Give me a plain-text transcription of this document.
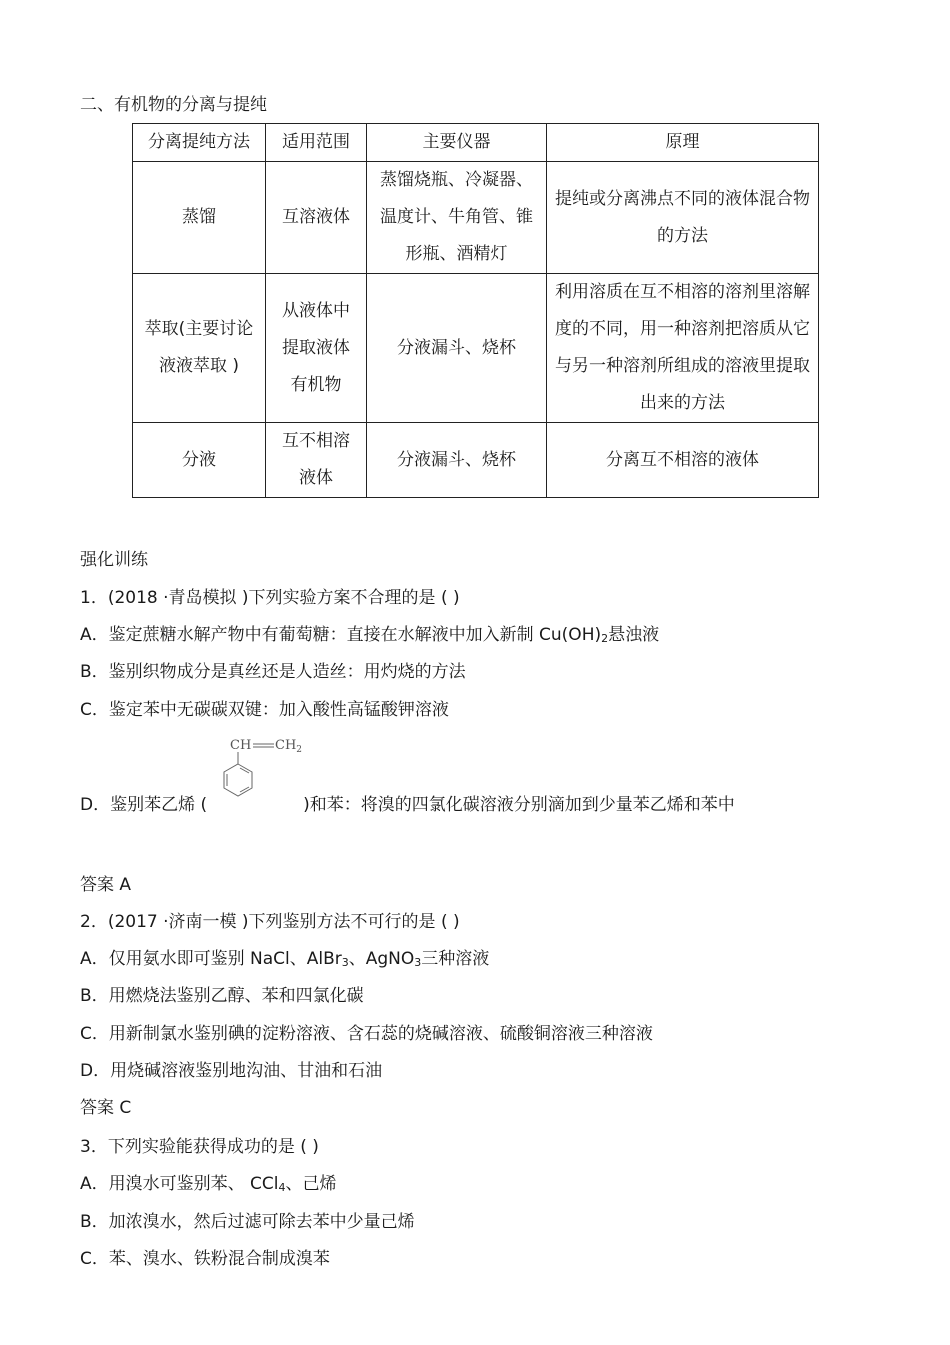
二、有机物的分离与提纯
分离提纯方法	适用范围	主要仪器	原理
蒸馏	互溶液体	蒸馏烧瓶、冷凝器、温度计、牛角管、锥形瓶、酒精灯	提纯或分离沸点不同的液体混合物的方法
萃取(主要讨论液液萃取 )	从液体中提取液体有机物	分液漏斗、烧杯	利用溶质在互不相溶的溶剂里溶解度的不同，用一种溶剂把溶质从它与另一种溶剂所组成的溶液里提取出来的方法
分液	互不相溶液体	分液漏斗、烧杯	分离互不相溶的液体
强化训练
1．(2018 ·青岛模拟 )下列实验方案不合理的是 ( )
A．鉴定蔗糖水解产物中有葡萄糖：直接在水解液中加入新制 $Cu(OH)_2$悬浊液
B．鉴别织物成分是真丝还是人造丝：用灼烧的方法
C．鉴定苯中无碳碳双键：加入酸性高锰酸钾溶液
CH $CH_2$
D．鉴别苯乙烯 (	)和苯：将溴的四氯化碳溶液分别滴加到少量苯乙烯和苯中
答案 A
2．(2017 ·济南一模 )下列鉴别方法不可行的是 ( )
A．仅用氨水即可鉴别 NaCl、AlBr$_3$、AgNO$_3$三种溶液
B．用燃烧法鉴别乙醇、苯和四氯化碳
C．用新制氯水鉴别碘的淀粉溶液、含石蕊的烧碱溶液、硫酸铜溶液三种溶液
D．用烧碱溶液鉴别地沟油、甘油和石油
答案 C
3．下列实验能获得成功的是 ( )
A．用溴水可鉴别苯、 CCl$_4$、己烯
B．加浓溴水，然后过滤可除去苯中少量己烯
C．苯、溴水、铁粉混合制成溴苯
